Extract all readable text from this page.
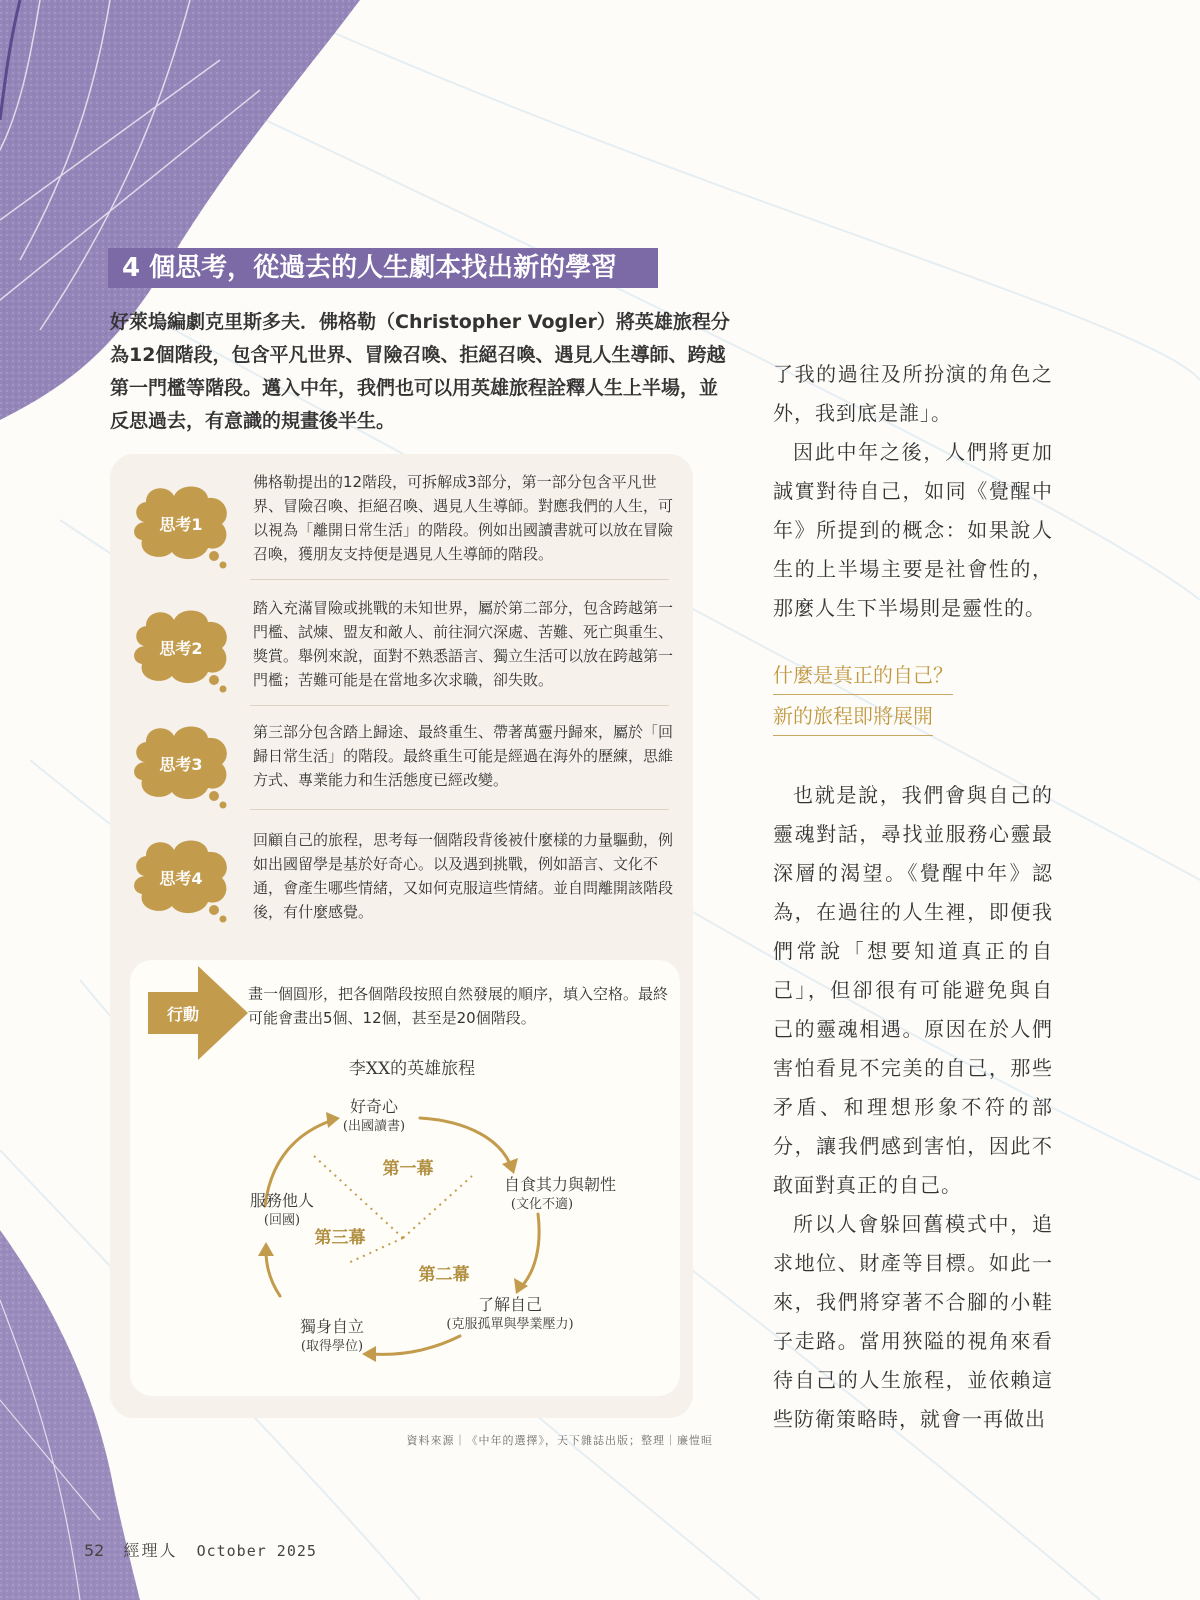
4 個思考，從過去的人生劇本找出新的學習
好萊塢編劇克里斯多夫．佛格勒（Christopher Vogler）將英雄旅程分為12個階段，包含平凡世界、冒險召喚、拒絕召喚、遇見人生導師、跨越第一門檻等階段。邁入中年，我們也可以用英雄旅程詮釋人生上半場，並反思過去，有意識的規畫後半生。
思考1
佛格勒提出的12階段，可拆解成3部分，第一部分包含平凡世界、冒險召喚、拒絕召喚、遇見人生導師。對應我們的人生，可以視為「離開日常生活」的階段。例如出國讀書就可以放在冒險召喚，獲朋友支持便是遇見人生導師的階段。
思考2
踏入充滿冒險或挑戰的未知世界，屬於第二部分，包含跨越第一門檻、試煉、盟友和敵人、前往洞穴深處、苦難、死亡與重生、獎賞。舉例來說，面對不熟悉語言、獨立生活可以放在跨越第一門檻；苦難可能是在當地多次求職，卻失敗。
思考3
第三部分包含踏上歸途、最終重生、帶著萬靈丹歸來，屬於「回歸日常生活」的階段。最終重生可能是經過在海外的歷練，思維方式、專業能力和生活態度已經改變。
思考4
回顧自己的旅程，思考每一個階段背後被什麼樣的力量驅動，例如出國留學是基於好奇心。以及遇到挑戰，例如語言、文化不通，會產生哪些情緒，又如何克服這些情緒。並自問離開該階段後，有什麼感覺。
行動
畫一個圓形，把各個階段按照自然發展的順序，填入空格。最終可能會畫出5個、12個，甚至是20個階段。
李XX的英雄旅程
好奇心
(出國讀書)
自食其力與韌性
(文化不適)
了解自己
(克服孤單與學業壓力)
獨身自立
(取得學位)
服務他人
(回國)
第一幕
第二幕
第三幕
資料來源｜《中年的選擇》，天下雜誌出版；整理｜廉愷晅

了我的過往及所扮演的角色之外，我到底是誰」。

因此中年之後，人們將更加誠實對待自己，如同《覺醒中年》所提到的概念：如果說人生的上半場主要是社會性的，那麼人生下半場則是靈性的。

什麼是真正的自己？
新的旅程即將展開

也就是說，我們會與自己的靈魂對話，尋找並服務心靈最深層的渴望。《覺醒中年》認為，在過往的人生裡，即便我們常說「想要知道真正的自己」，但卻很有可能避免與自己的靈魂相遇。原因在於人們害怕看見不完美的自己，那些矛盾、和理想形象不符的部分，讓我們感到害怕，因此不敢面對真正的自己。

所以人會躲回舊模式中，追求地位、財產等目標。如此一來，我們將穿著不合腳的小鞋子走路。當用狹隘的視角來看待自己的人生旅程，並依賴這些防衛策略時，就會一再做出

52 經理人 October 2025
